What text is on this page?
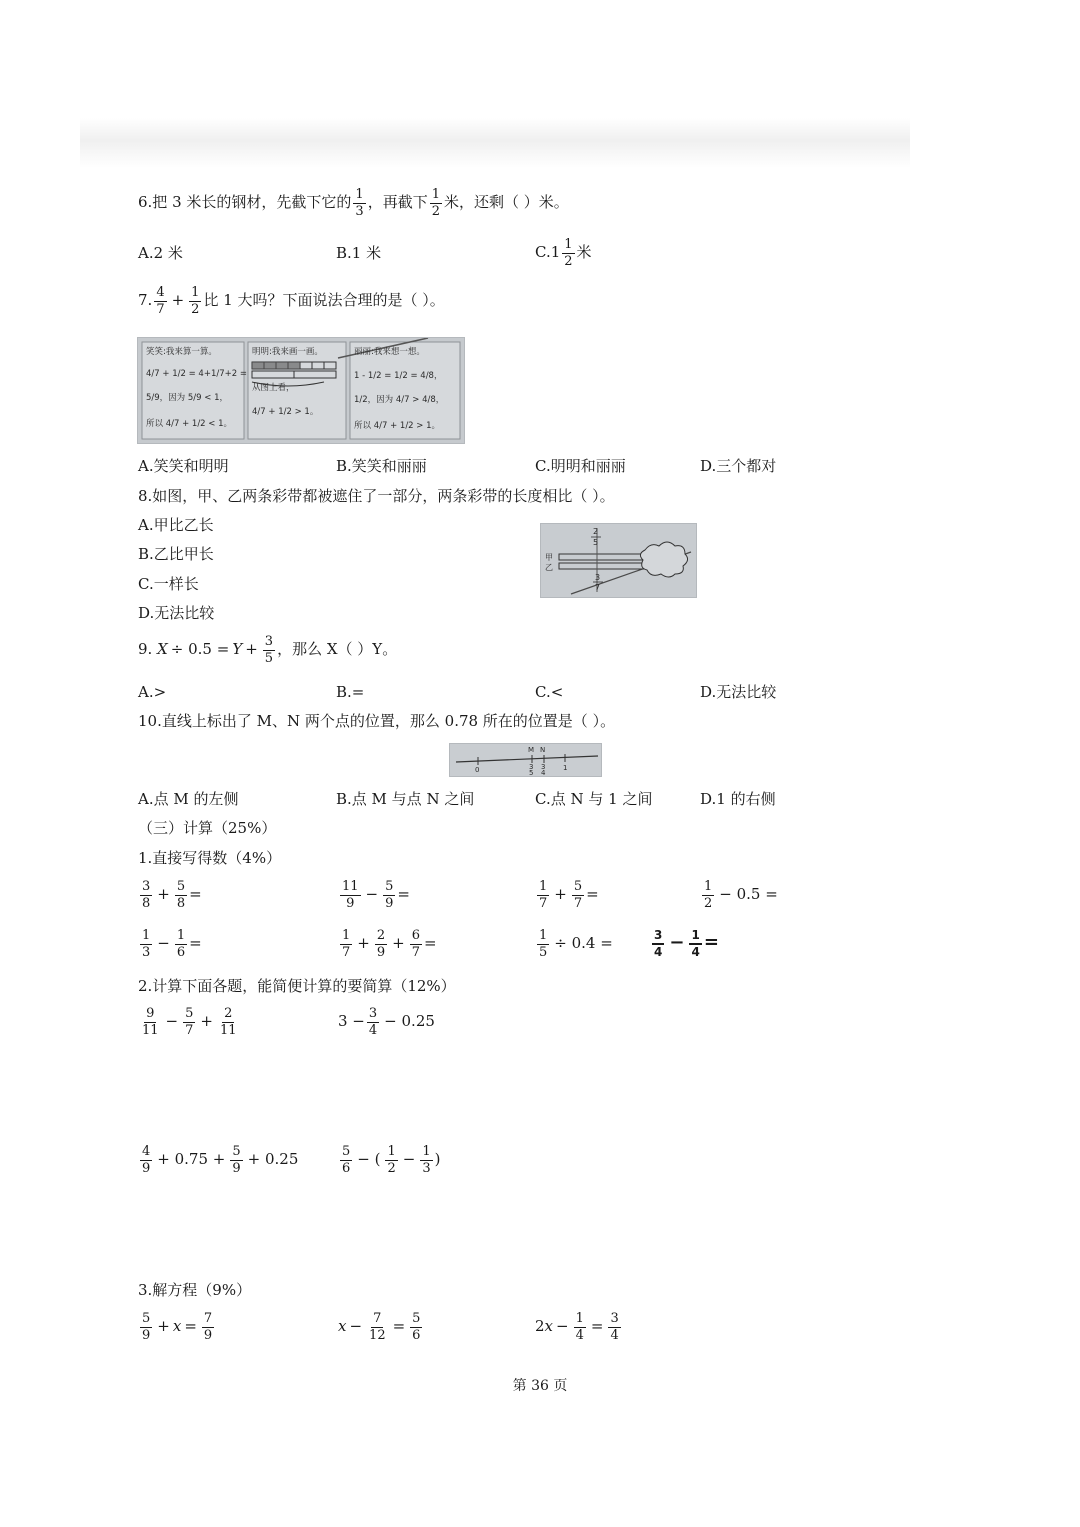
6.把 3 米长的钢材，先截下它的 $\frac{1}{3}$ ，再截下 $\frac{1}{2}$ 米，还剩（ ）米。
A.2 米	B.1 米	$C.1 \frac{1}{2}$ 米
7. $\frac{4}{7} + \frac{1}{2}$ 比 1 大吗？下面说法合理的是（ ）。
笑笑:我来算一算。
4/7 + 1/2 = 4+1/7+2 =
5/9，因为 5/9 < 1，
所以 4/7 + 1/2 < 1。
明明:我来画一画。
从图上看，
4/7 + 1/2 > 1。
丽丽:我来想一想。
1 - 1/2 = 1/2 = 4/8，
1/2，因为 4/7 > 4/8，
所以 4/7 + 1/2 > 1。
A.笑笑和明明	B.笑笑和丽丽	C.明明和丽丽	D.三个都对
8.如图，甲、乙两条彩带都被遮住了一部分，两条彩带的长度相比（ ）。
A.甲比乙长
B.乙比甲长
C.一样长
D.无法比较
甲
乙
2
5
3
7
9. $X \div 0.5 = Y + \frac{3}{5}$ ，那么 X（ ）Y。
A.>	B.=	C.<	D.无法比较
10.直线上标出了 M、N 两个点的位置，那么 0.78 所在的位置是（ ）。
0
M N
3
5
3
4
1
A.点 M 的左侧	B.点 M 与点 N 之间	C.点 N 与 1 之间	D.1 的右侧
（三）计算（25%）
1.直接写得数（4%）
$\frac{3}{8} + \frac{5}{8}$ =	$\frac{11}{9} - \frac{5}{9}$ =	$\frac{1}{7} + \frac{5}{7}$ =	$\frac{1}{2} - 0.5$ =
$\frac{1}{3} - \frac{1}{6}$ =	$\frac{1}{7} + \frac{2}{9} + \frac{6}{7}$ =	$\frac{1}{5} \div 0.4$ =	$\frac{3}{4} - \frac{1}{4}$ =
2.计算下面各题，能简便计算的要简算（12%）
$\frac{9}{11} - \frac{5}{7} + \frac{2}{11}$	$3 - \frac{3}{4} - 0.25$
$\frac{4}{9} + 0.75 + \frac{5}{9} + 0.25$	$\frac{5}{6}$ − ( $\frac{1}{2} - \frac{1}{3}$ )
3.解方程（9%）
$\frac{5}{9} + x = \frac{7}{9}$	$x - \frac{7}{12} = \frac{5}{6}$	$2x - \frac{1}{4} = \frac{3}{4}$
第 36 页
